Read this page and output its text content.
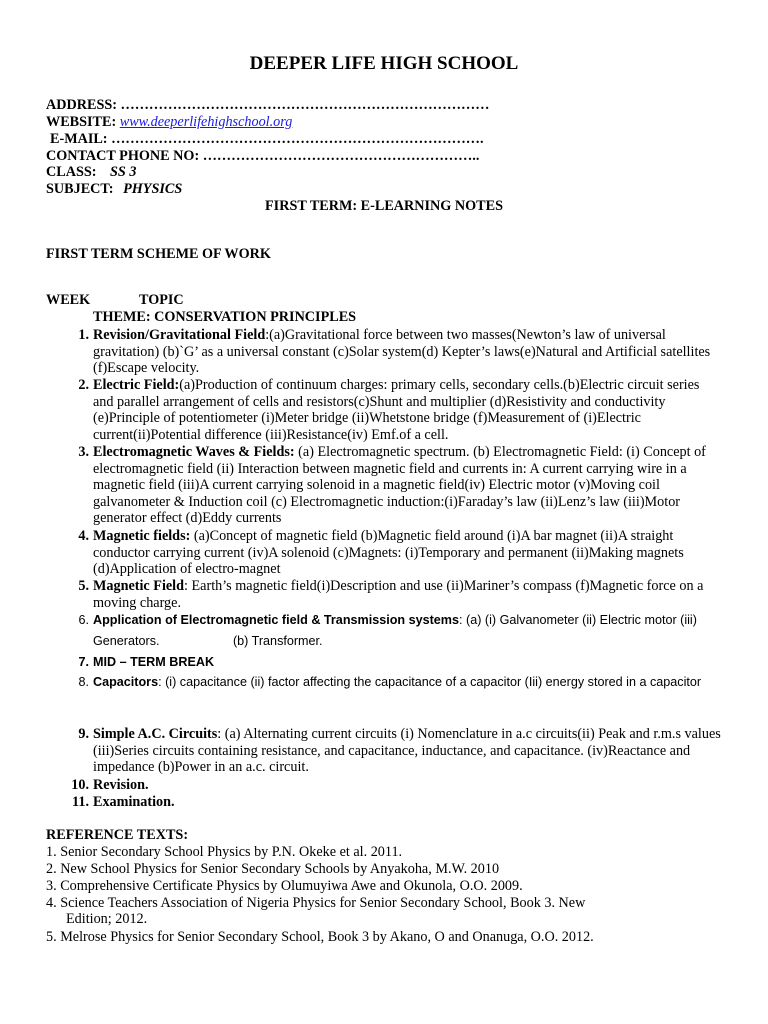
DEEPER LIFE HIGH SCHOOL
ADDRESS: ……………………………………………………………………
WEBSITE: www.deeperlifehighschool.org
E-MAIL: …………………………………………………………………….
CONTACT PHONE NO: …………………………………………………..
CLASS: SS 3
SUBJECT: PHYSICS
FIRST TERM: E-LEARNING NOTES
FIRST TERM SCHEME OF WORK
WEEK	TOPIC
THEME: CONSERVATION PRINCIPLES
1. Revision/Gravitational Field:(a)Gravitational force between two masses(Newton’s law of universal gravitation) (b)`G’ as a universal constant (c)Solar system(d) Kepter’s laws(e)Natural and Artificial satellites (f)Escape velocity.
2. Electric Field:(a)Production of continuum charges: primary cells, secondary cells.(b)Electric circuit series and parallel arrangement of cells and resistors(c)Shunt and multiplier (d)Resistivity and conductivity (e)Principle of potentiometer (i)Meter bridge (ii)Whetstone bridge (f)Measurement of (i)Electric current(ii)Potential difference (iii)Resistance(iv) Emf.of a cell.
3. Electromagnetic Waves & Fields: (a) Electromagnetic spectrum. (b) Electromagnetic Field: (i) Concept of electromagnetic field (ii) Interaction between magnetic field and currents in: A current carrying wire in a magnetic field (iii)A current carrying solenoid in a magnetic field(iv) Electric motor (v)Moving coil galvanometer & Induction coil (c) Electromagnetic induction:(i)Faraday’s law (ii)Lenz’s law (iii)Motor generator effect (d)Eddy currents
4. Magnetic fields: (a)Concept of magnetic field (b)Magnetic field around (i)A bar magnet (ii)A straight conductor carrying current (iv)A solenoid (c)Magnets: (i)Temporary and permanent (ii)Making magnets (d)Application of electro-magnet
5. Magnetic Field: Earth’s magnetic field(i)Description and use (ii)Mariner’s compass (f)Magnetic force on a moving charge.
6. Application of Electromagnetic field & Transmission systems: (a) (i) Galvanometer (ii) Electric motor (iii) Generators.                     (b) Transformer.
7. MID – TERM BREAK
8. Capacitors: (i) capacitance (ii) factor affecting the capacitance of a capacitor (Iii) energy stored in a capacitor
9. Simple A.C. Circuits: (a) Alternating current circuits (i) Nomenclature in a.c circuits(ii) Peak and r.m.s values (iii)Series circuits containing resistance, and capacitance, inductance, and capacitance. (iv)Reactance and impedance (b)Power in an a.c. circuit.
10. Revision.
11. Examination.
REFERENCE TEXTS:
1. Senior Secondary School Physics by P.N. Okeke et al. 2011.
2. New School Physics for Senior Secondary Schools by Anyakoha, M.W. 2010
3. Comprehensive Certificate Physics by Olumuyiwa Awe and Okunola, O.O. 2009.
4. Science Teachers Association of Nigeria Physics for Senior Secondary School, Book 3. New
Edition; 2012.
5. Melrose Physics for Senior Secondary School, Book 3 by Akano, O and Onanuga, O.O. 2012.
